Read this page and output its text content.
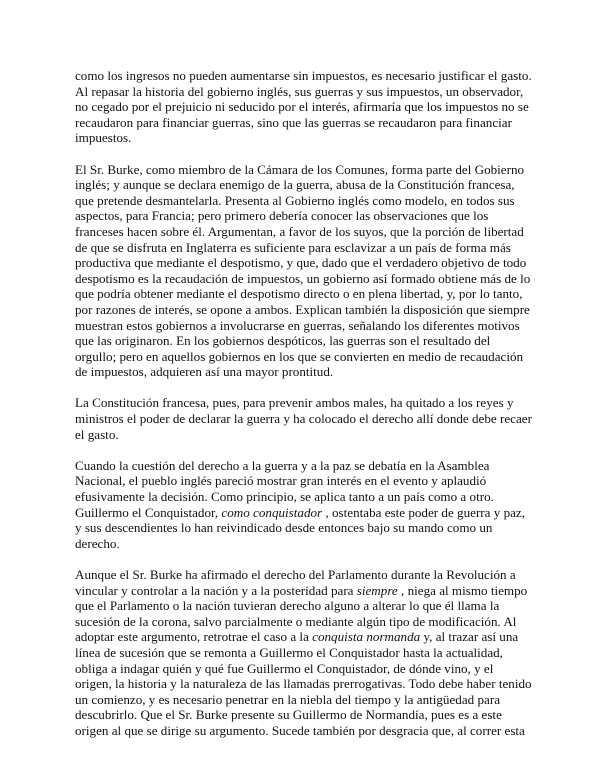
como los ingresos no pueden aumentarse sin impuestos, es necesario justificar el gasto. Al repasar la historia del gobierno inglés, sus guerras y sus impuestos, un observador, no cegado por el prejuicio ni seducido por el interés, afirmaría que los impuestos no se recaudaron para financiar guerras, sino que las guerras se recaudaron para financiar impuestos.

El Sr. Burke, como miembro de la Cámara de los Comunes, forma parte del Gobierno inglés; y aunque se declara enemigo de la guerra, abusa de la Constitución francesa, que pretende desmantelarla. Presenta al Gobierno inglés como modelo, en todos sus aspectos, para Francia; pero primero debería conocer las observaciones que los franceses hacen sobre él. Argumentan, a favor de los suyos, que la porción de libertad de que se disfruta en Inglaterra es suficiente para esclavizar a un país de forma más productiva que mediante el despotismo, y que, dado que el verdadero objetivo de todo despotismo es la recaudación de impuestos, un gobierno así formado obtiene más de lo que podría obtener mediante el despotismo directo o en plena libertad, y, por lo tanto, por razones de interés, se opone a ambos. Explican también la disposición que siempre muestran estos gobiernos a involucrarse en guerras, señalando los diferentes motivos que las originaron. En los gobiernos despóticos, las guerras son el resultado del orgullo; pero en aquellos gobiernos en los que se convierten en medio de recaudación de impuestos, adquieren así una mayor prontitud.

La Constitución francesa, pues, para prevenir ambos males, ha quitado a los reyes y ministros el poder de declarar la guerra y ha colocado el derecho allí donde debe recaer el gasto.

Cuando la cuestión del derecho a la guerra y a la paz se debatía en la Asamblea Nacional, el pueblo inglés pareció mostrar gran interés en el evento y aplaudió efusivamente la decisión. Como principio, se aplica tanto a un país como a otro. Guillermo el Conquistador, como conquistador , ostentaba este poder de guerra y paz, y sus descendientes lo han reivindicado desde entonces bajo su mando como un derecho.

Aunque el Sr. Burke ha afirmado el derecho del Parlamento durante la Revolución a vincular y controlar a la nación y a la posteridad para siempre , niega al mismo tiempo que el Parlamento o la nación tuvieran derecho alguno a alterar lo que él llama la sucesión de la corona, salvo parcialmente o mediante algún tipo de modificación. Al adoptar este argumento, retrotrae el caso a la conquista normanda y, al trazar así una línea de sucesión que se remonta a Guillermo el Conquistador hasta la actualidad, obliga a indagar quién y qué fue Guillermo el Conquistador, de dónde vino, y el origen, la historia y la naturaleza de las llamadas prerrogativas. Todo debe haber tenido un comienzo, y es necesario penetrar en la niebla del tiempo y la antigüedad para descubrirlo. Que el Sr. Burke presente su Guillermo de Normandía, pues es a este origen al que se dirige su argumento. Sucede también por desgracia que, al correr esta
